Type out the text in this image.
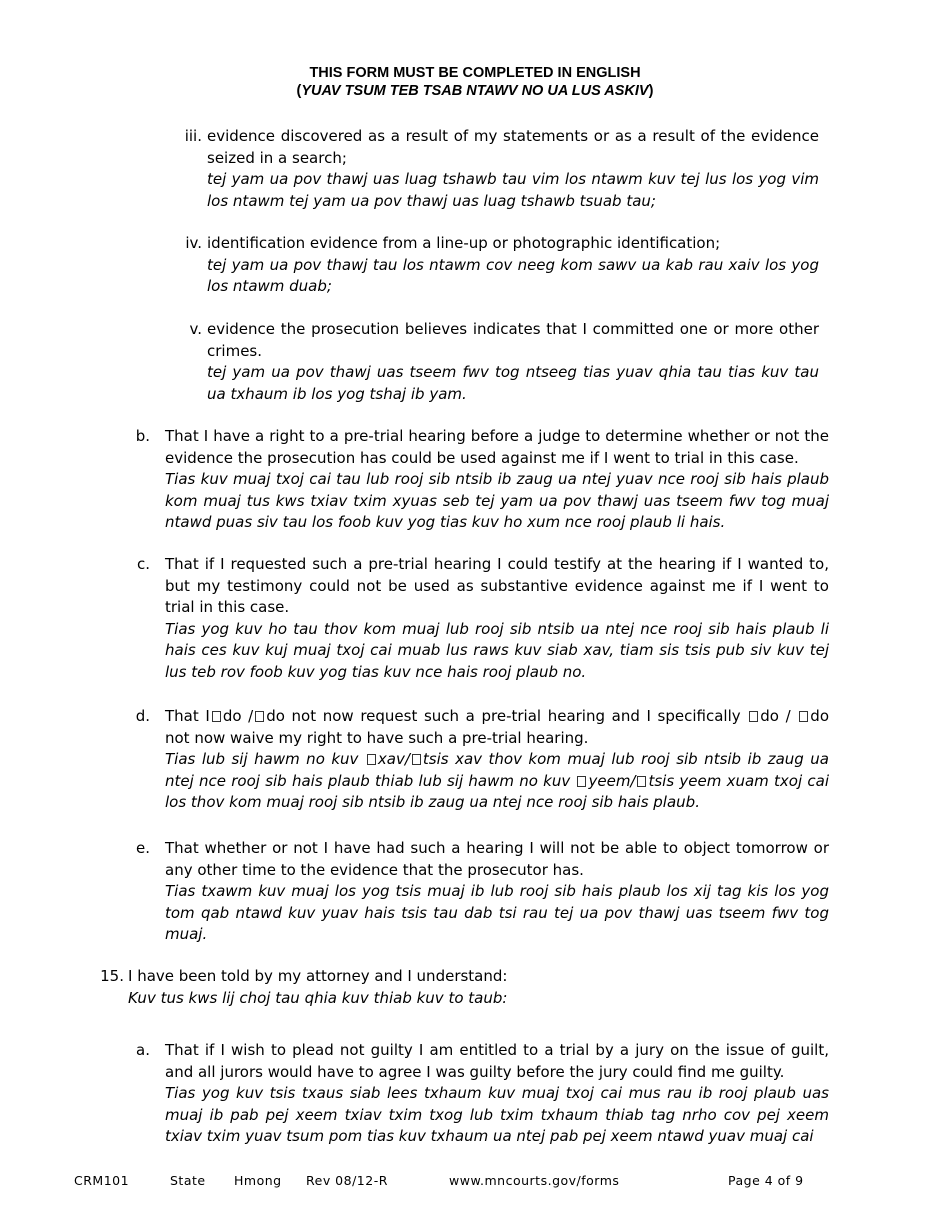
THIS FORM MUST BE COMPLETED IN ENGLISH
(YUAV TSUM TEB TSAB NTAWV NO UA LUS ASKIV)
iii. evidence discovered as a result of my statements or as a result of the evidence seized in a search;
tej yam ua pov thawj uas luag tshawb tau vim los ntawm kuv tej lus los yog vim los ntawm tej yam ua pov thawj uas luag tshawb tsuab tau;
iv. identification evidence from a line-up or photographic identification;
tej yam ua pov thawj tau los ntawm cov neeg kom sawv ua kab rau xaiv los yog los ntawm duab;
v. evidence the prosecution believes indicates that I committed one or more other crimes.
tej yam ua pov thawj uas tseem fwv tog ntseeg tias yuav qhia tau tias kuv tau ua txhaum ib los yog tshaj ib yam.
b. That I have a right to a pre-trial hearing before a judge to determine whether or not the evidence the prosecution has could be used against me if I went to trial in this case.
Tias kuv muaj txoj cai tau lub rooj sib ntsib ib zaug ua ntej yuav nce rooj sib hais plaub kom muaj tus kws txiav txim xyuas seb tej yam ua pov thawj uas tseem fwv tog muaj ntawd puas siv tau los foob kuv yog tias kuv ho xum nce rooj plaub li hais.
c. That if I requested such a pre-trial hearing I could testify at the hearing if I wanted to, but my testimony could not be used as substantive evidence against me if I went to trial in this case.
Tias yog kuv ho tau thov kom muaj lub rooj sib ntsib ua ntej nce rooj sib hais plaub li hais ces kuv kuj muaj txoj cai muab lus raws kuv siab xav, tiam sis tsis pub siv kuv tej lus teb rov foob kuv yog tias kuv nce hais rooj plaub no.
d. That I do / do not now request such a pre-trial hearing and I specifically do / do not now waive my right to have such a pre-trial hearing.
Tias lub sij hawm no kuv xav/ tsis xav thov kom muaj lub rooj sib ntsib ib zaug ua ntej nce rooj sib hais plaub thiab lub sij hawm no kuv yeem/ tsis yeem xuam txoj cai los thov kom muaj rooj sib ntsib ib zaug ua ntej nce rooj sib hais plaub.
e. That whether or not I have had such a hearing I will not be able to object tomorrow or any other time to the evidence that the prosecutor has.
Tias txawm kuv muaj los yog tsis muaj ib lub rooj sib hais plaub los xij tag kis los yog tom qab ntawd kuv yuav hais tsis tau dab tsi rau tej ua pov thawj uas tseem fwv tog muaj.
15. I have been told by my attorney and I understand:
Kuv tus kws lij choj tau qhia kuv thiab kuv to taub:
a. That if I wish to plead not guilty I am entitled to a trial by a jury on the issue of guilt, and all jurors would have to agree I was guilty before the jury could find me guilty.
Tias yog kuv tsis txaus siab lees txhaum kuv muaj txoj cai mus rau ib rooj plaub uas muaj ib pab pej xeem txiav txim txog lub txim txhaum thiab tag nrho cov pej xeem txiav txim yuav tsum pom tias kuv txhaum ua ntej pab pej xeem ntawd yuav muaj cai
CRM101	State Hmong Rev 08/12-R	www.mncourts.gov/forms	Page 4 of 9
